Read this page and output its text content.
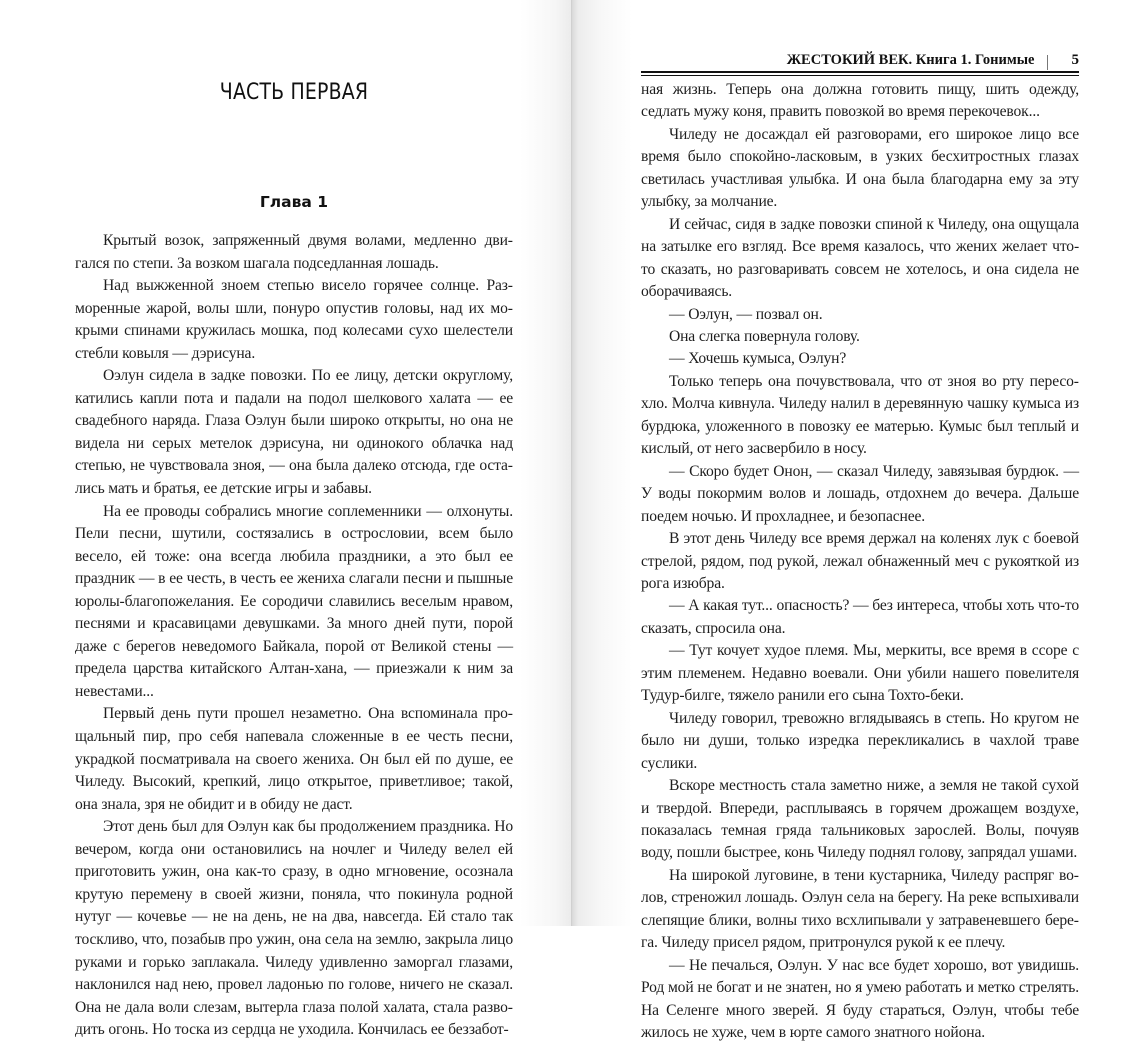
ЧАСТЬ ПЕРВАЯ
Глава 1

Крытый возок, запряженный двумя волами, медленно двигался по степи. За возком шагала подседланная лошадь.

Над выжженной зноем степью висело горячее солнце. Разморенные жарой, волы шли, понуро опустив головы, над их мокрыми спинами кружилась мошка, под колесами сухо шелестели стебли ковыля — дэрисуна.

Оэлун сидела в задке повозки. По ее лицу, детски округлому, катились капли пота и падали на подол шелкового халата — ее свадебного наряда. Глаза Оэлун были широко открыты, но она не видела ни серых метелок дэрисуна, ни одинокого облачка над степью, не чувствовала зноя, — она была далеко отсюда, где остались мать и братья, ее детские игры и забавы.

На ее проводы собрались многие соплеменники — олхонуты. Пели песни, шутили, состязались в острословии, всем было весело, ей тоже: она всегда любила праздники, а это был ее праздник — в ее честь, в честь ее жениха слагали песни и пышные юролы-благопожелания. Ее сородичи славились веселым нравом, песнями и красавицами девушками. За много дней пути, порой даже с берегов неведомого Байкала, порой от Великой стены — предела царства китайского Алтан-хана, — приезжали к ним за невестами...

Первый день пути прошел незаметно. Она вспоминала прощальный пир, про себя напевала сложенные в ее честь песни, украдкой посматривала на своего жениха. Он был ей по душе, ее Чиледу. Высокий, крепкий, лицо открытое, приветливое; такой, она знала, зря не обидит и в обиду не даст.

Этот день был для Оэлун как бы продолжением праздника. Но вечером, когда они остановились на ночлег и Чиледу велел ей приготовить ужин, она как-то сразу, в одно мгновение, осознала крутую перемену в своей жизни, поняла, что покинула родной нутуг — кочевье — не на день, не на два, навсегда. Ей стало так тоскливо, что, позабыв про ужин, она села на землю, закрыла лицо руками и горько заплакала. Чиледу удивленно заморгал глазами, наклонился над нею, провел ладонью по голове, ничего не сказал. Она не дала воли слезам, вытерла глаза полой халата, стала разводить огонь. Но тоска из сердца не уходила. Кончилась ее беззабот-

ЖЕСТОКИЙ ВЕК. Книга 1. Гонимые 5

ная жизнь. Теперь она должна готовить пищу, шить одежду, седлать мужу коня, править повозкой во время перекочевок...

Чиледу не досаждал ей разговорами, его широкое лицо все время было спокойно-ласковым, в узких бесхитростных глазах светилась участливая улыбка. И она была благодарна ему за эту улыбку, за молчание.

И сейчас, сидя в задке повозки спиной к Чиледу, она ощущала на затылке его взгляд. Все время казалось, что жених желает что-то сказать, но разговаривать совсем не хотелось, и она сидела не оборачиваясь.

— Оэлун, — позвал он.

Она слегка повернула голову.

— Хочешь кумыса, Оэлун?

Только теперь она почувствовала, что от зноя во рту пересохло. Молча кивнула. Чиледу налил в деревянную чашку кумыса из бурдюка, уложенного в повозку ее матерью. Кумыс был теплый и кислый, от него засвербило в носу.

— Скоро будет Онон, — сказал Чиледу, завязывая бурдюк. — У воды покормим волов и лошадь, отдохнем до вечера. Дальше поедем ночью. И прохладнее, и безопаснее.

В этот день Чиледу все время держал на коленях лук с боевой стрелой, рядом, под рукой, лежал обнаженный меч с рукояткой из рога изюбра.

— А какая тут... опасность? — без интереса, чтобы хоть что-то сказать, спросила она.

— Тут кочует худое племя. Мы, меркиты, все время в ссоре с этим племенем. Недавно воевали. Они убили нашего повелителя Тудур-билге, тяжело ранили его сына Тохто-беки.

Чиледу говорил, тревожно вглядываясь в степь. Но кругом не было ни души, только изредка перекликались в чахлой траве суслики.

Вскоре местность стала заметно ниже, а земля не такой сухой и твердой. Впереди, расплываясь в горячем дрожащем воздухе, показалась темная гряда тальниковых зарослей. Волы, почуяв воду, пошли быстрее, конь Чиледу поднял голову, запрядал ушами.

На широкой луговине, в тени кустарника, Чиледу распряг волов, стреножил лошадь. Оэлун села на берегу. На реке вспыхивали слепящие блики, волны тихо всхлипывали у затравеневшего берега. Чиледу присел рядом, притронулся рукой к ее плечу.

— Не печалься, Оэлун. У нас все будет хорошо, вот увидишь. Род мой не богат и не знатен, но я умею работать и метко стрелять. На Селенге много зверей. Я буду стараться, Оэлун, чтобы тебе жилось не хуже, чем в юрте самого знатного нойона.
